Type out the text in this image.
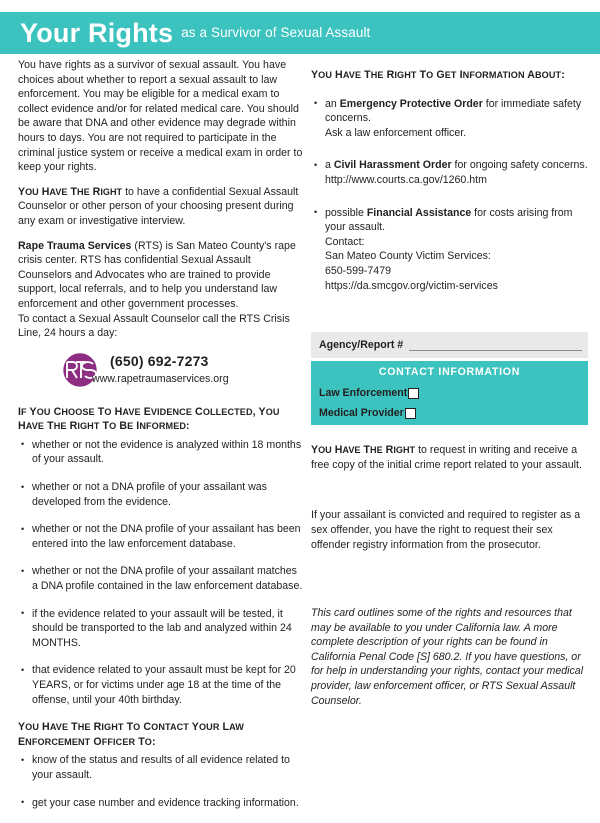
Your Rights as a Survivor of Sexual Assault

You have rights as a survivor of sexual assault. You have choices about whether to report a sexual assault to law enforcement. You may be eligible for a medical exam to collect evidence and/or for related medical care. You should be aware that DNA and other evidence may degrade within hours to days. You are not required to participate in the criminal justice system or receive a medical exam in order to keep your rights.

YOU HAVE THE RIGHT to have a confidential Sexual Assault Counselor or other person of your choosing present during any exam or investigative interview.

Rape Trauma Services (RTS) is San Mateo County's rape crisis center. RTS has confidential Sexual Assault Counselors and Advocates who are trained to provide support, local referrals, and to help you understand law enforcement and other government processes.

To contact a Sexual Assault Counselor call the RTS Crisis Line, 24 hours a day:

(650) 692-7273
www.rapetraumaservices.org

IF YOU CHOOSE TO HAVE EVIDENCE COLLECTED, YOU HAVE THE RIGHT TO BE INFORMED:

• whether or not the evidence is analyzed within 18 months of your assault.
• whether or not a DNA profile of your assailant was developed from the evidence.
• whether or not the DNA profile of your assailant has been entered into the law enforcement database.
• whether or not the DNA profile of your assailant matches a DNA profile contained in the law enforcement database.
• if the evidence related to your assault will be tested, it should be transported to the lab and analyzed within 24 MONTHS.
• that evidence related to your assault must be kept for 20 YEARS, or for victims under age 18 at the time of the offense, until your 40th birthday.

YOU HAVE THE RIGHT TO CONTACT YOUR LAW ENFORCEMENT OFFICER TO:

• know of the status and results of all evidence related to your assault.
• get your case number and evidence tracking information.

YOU HAVE THE RIGHT TO GET INFORMATION ABOUT:

• an Emergency Protective Order for immediate safety concerns.
Ask a law enforcement officer.
• a Civil Harassment Order for ongoing safety concerns.
http://www.courts.ca.gov/1260.htm
• possible Financial Assistance for costs arising from your assault.
Contact:
San Mateo County Victim Services:
650-599-7479
https://da.smcgov.org/victim-services
Agency/Report #
CONTACT INFORMATION
Law Enforcement
Medical Provider

YOU HAVE THE RIGHT to request in writing and receive a free copy of the initial crime report related to your assault.

If your assailant is convicted and required to register as a sex offender, you have the right to request their sex offender registry information from the prosecutor.

This card outlines some of the rights and resources that may be available to you under California law. A more complete description of your rights can be found in California Penal Code [S] 680.2. If you have questions, or for help in understanding your rights, contact your medical provider, law enforcement officer, or RTS Sexual Assault Counselor.
